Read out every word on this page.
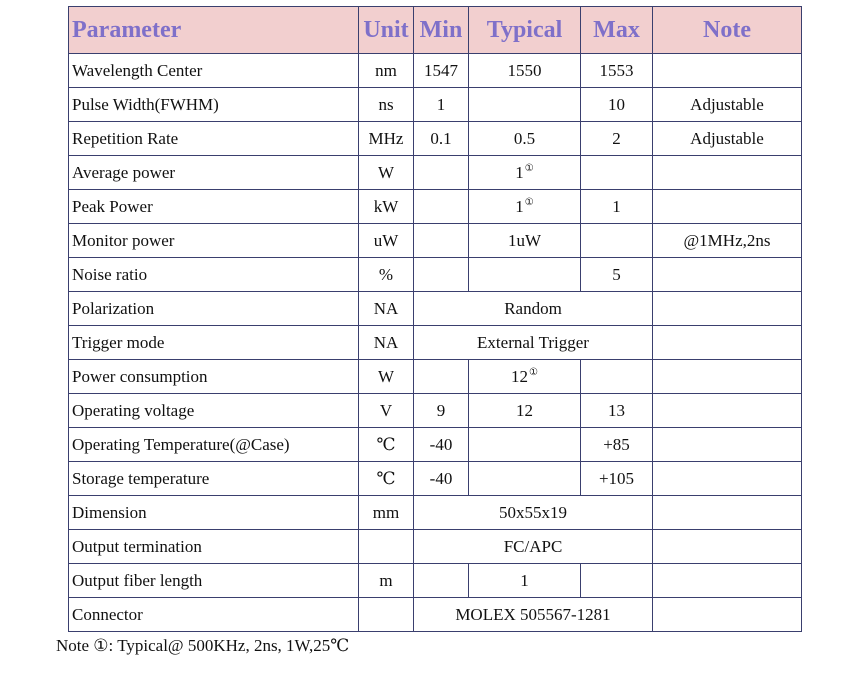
Parameter	Unit	Min	Typical	Max	Note
Wavelength Center	nm	1547	1550	1553	
Pulse Width(FWHM)	ns	1		10	Adjustable
Repetition Rate	MHz	0.1	0.5	2	Adjustable
Average power	W		1①		
Peak Power	kW		1①	1	
Monitor power	uW		1uW		@1MHz,2ns
Noise ratio	%			5	
Polarization	NA	Random			
Trigger mode	NA	External Trigger			
Power consumption	W		12①		
Operating voltage	V	9	12	13	
Operating Temperature(@Case)	℃	-40		+85	
Storage temperature	℃	-40		+105	
Dimension	mm	50x55x19			
Output termination		FC/APC			
Output fiber length	m		1		
Connector		MOLEX 505567-1281			
Note ①: Typical@ 500KHz, 2ns, 1W,25℃
